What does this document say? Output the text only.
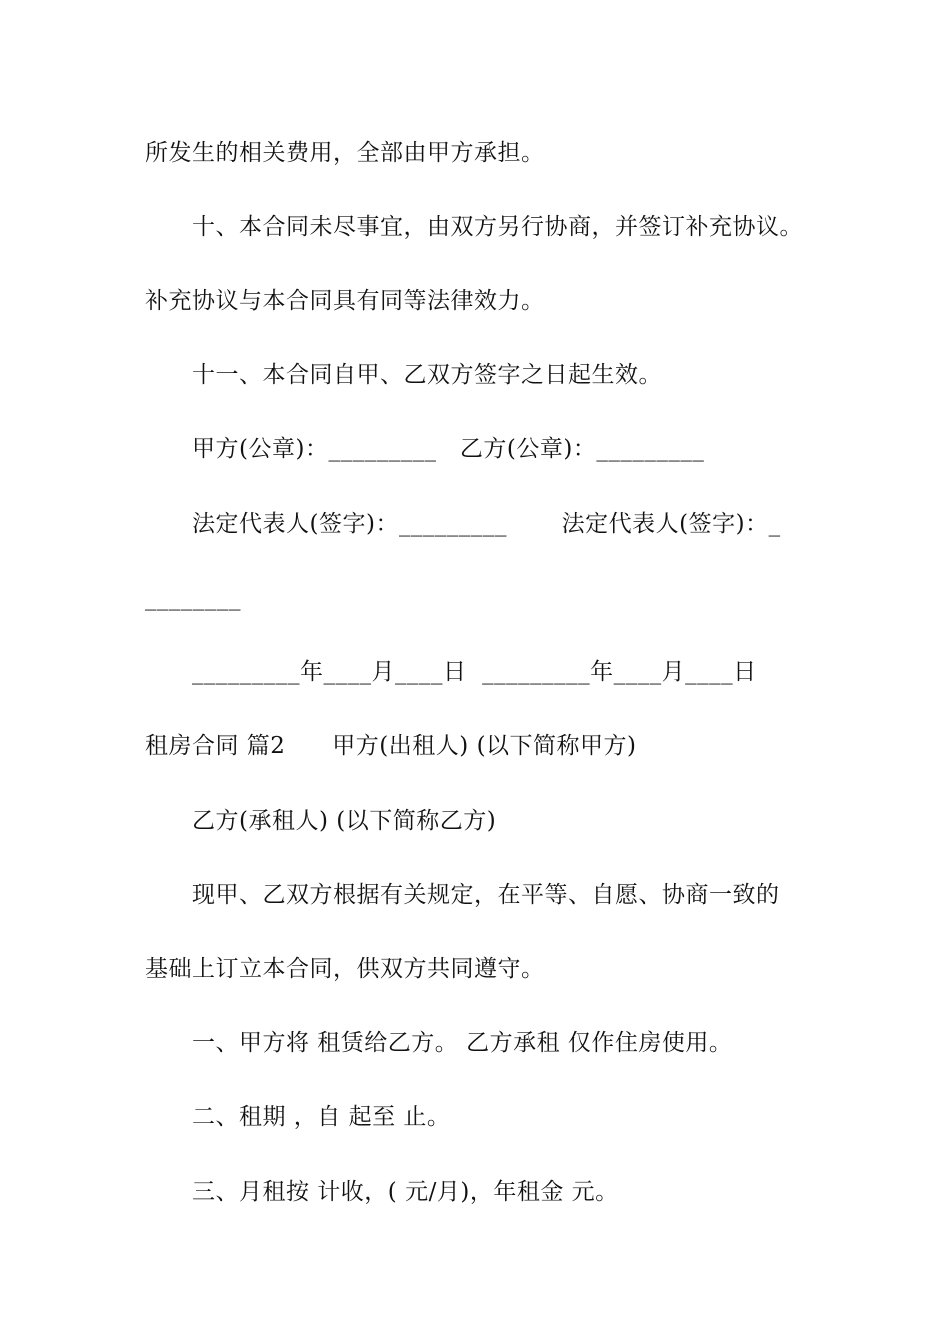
所发生的相关费用，全部由甲方承担。
十、本合同未尽事宜，由双方另行协商，并签订补充协议。
补充协议与本合同具有同等法律效力。
十一、本合同自甲、乙双方签字之日起生效。
甲方(公章)：_________   乙方(公章)：_________
法定代表人(签字)：_________       法定代表人(签字)：_
________
_________年____月____日  _________年____月____日
租房合同 篇2      甲方(出租人) (以下简称甲方)
乙方(承租人) (以下简称乙方)
现甲、乙双方根据有关规定，在平等、自愿、协商一致的
基础上订立本合同，供双方共同遵守。
一、甲方将 租赁给乙方。 乙方承租 仅作住房使用。
二、租期 ，自 起至 止。
三、月租按 计收，( 元/月)，年租金 元。
